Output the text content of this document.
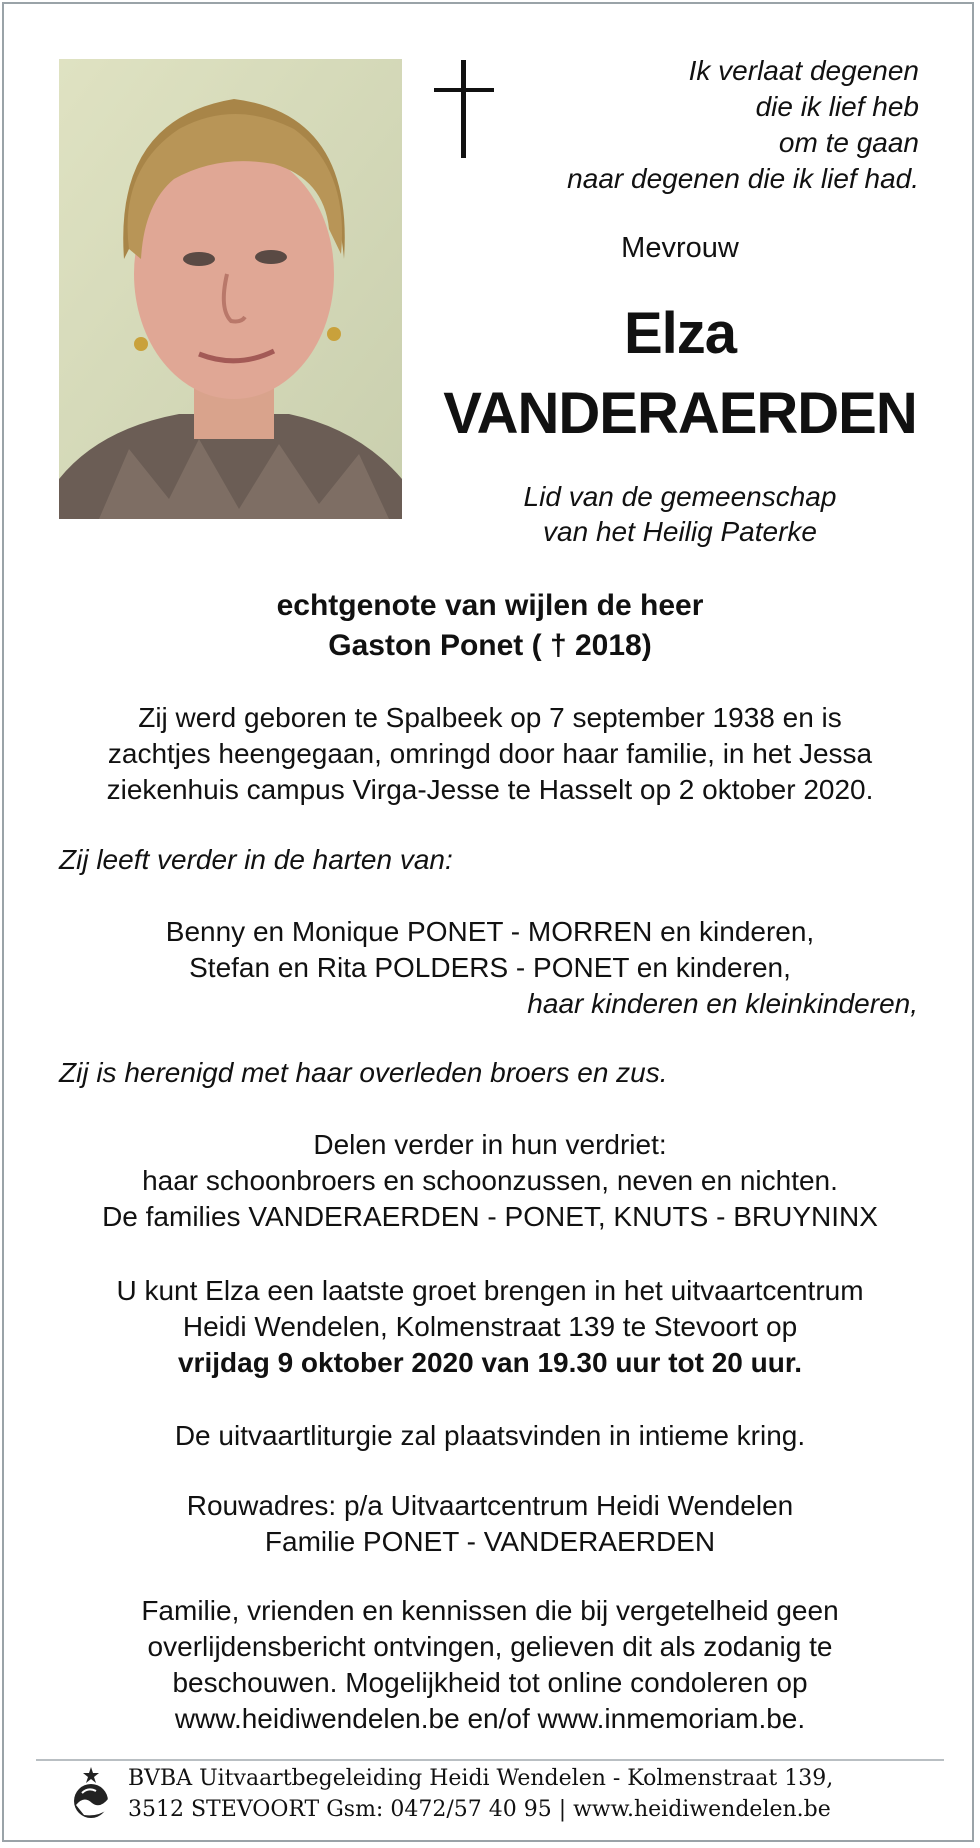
Ik verlaat degenen
die ik lief heb
om te gaan
naar degenen die ik lief had.
Mevrouw
Elza
VANDERAERDEN
Lid van de gemeenschap
van het Heilig Paterke
echtgenote van wijlen de heer
Gaston Ponet ( † 2018)
Zij werd geboren te Spalbeek op 7 september 1938 en is
zachtjes heengegaan, omringd door haar familie, in het Jessa
ziekenhuis campus Virga-Jesse te Hasselt op 2 oktober 2020.
Zij leeft verder in de harten van:
Benny en Monique PONET - MORREN en kinderen,
Stefan en Rita POLDERS - PONET en kinderen,
haar kinderen en kleinkinderen,
Zij is herenigd met haar overleden broers en zus.
Delen verder in hun verdriet:
haar schoonbroers en schoonzussen, neven en nichten.
De families VANDERAERDEN - PONET, KNUTS - BRUYNINX
U kunt Elza een laatste groet brengen in het uitvaartcentrum
Heidi Wendelen, Kolmenstraat 139 te Stevoort op
vrijdag 9 oktober 2020 van 19.30 uur tot 20 uur.
De uitvaartliturgie zal plaatsvinden in intieme kring.
Rouwadres: p/a Uitvaartcentrum Heidi Wendelen
Familie PONET - VANDERAERDEN
Familie, vrienden en kennissen die bij vergetelheid geen
overlijdensbericht ontvingen, gelieven dit als zodanig te
beschouwen. Mogelijkheid tot online condoleren op
www.heidiwendelen.be en/of www.inmemoriam.be.
BVBA Uitvaartbegeleiding Heidi Wendelen - Kolmenstraat 139,
3512 STEVOORT Gsm: 0472/57 40 95 | www.heidiwendelen.be
